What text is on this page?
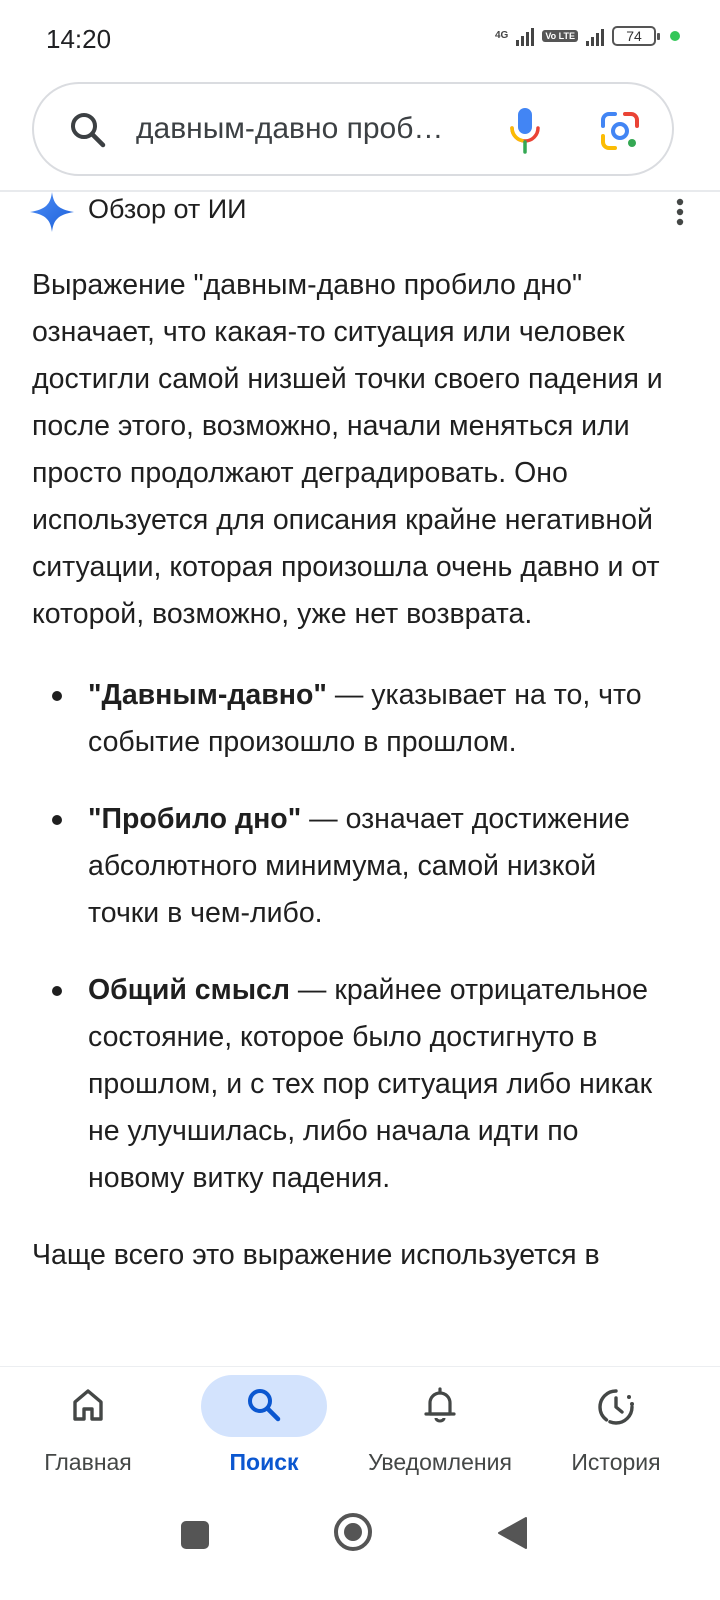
14:20	4G	Vo LTE	74
давным-давно проб…
Обзор от ИИ

Выражение "давным-давно пробило дно" означает, что какая-то ситуация или человек достигли самой низшей точки своего падения и после этого, возможно, начали меняться или просто продолжают деградировать. Оно используется для описания крайне негативной ситуации, которая произошла очень давно и от которой, возможно, уже нет возврата.

"Давным-давно" — указывает на то, что событие произошло в прошлом.
"Пробило дно" — означает достижение абсолютного минимума, самой низкой точки в чем-либо.
Общий смысл — крайнее отрицательное состояние, которое было достигнуто в прошлом, и с тех пор ситуация либо никак не улучшилась, либо начала идти по новому витку падения.

Чаще всего это выражение используется в

Главная	Поиск	Уведомления	История
